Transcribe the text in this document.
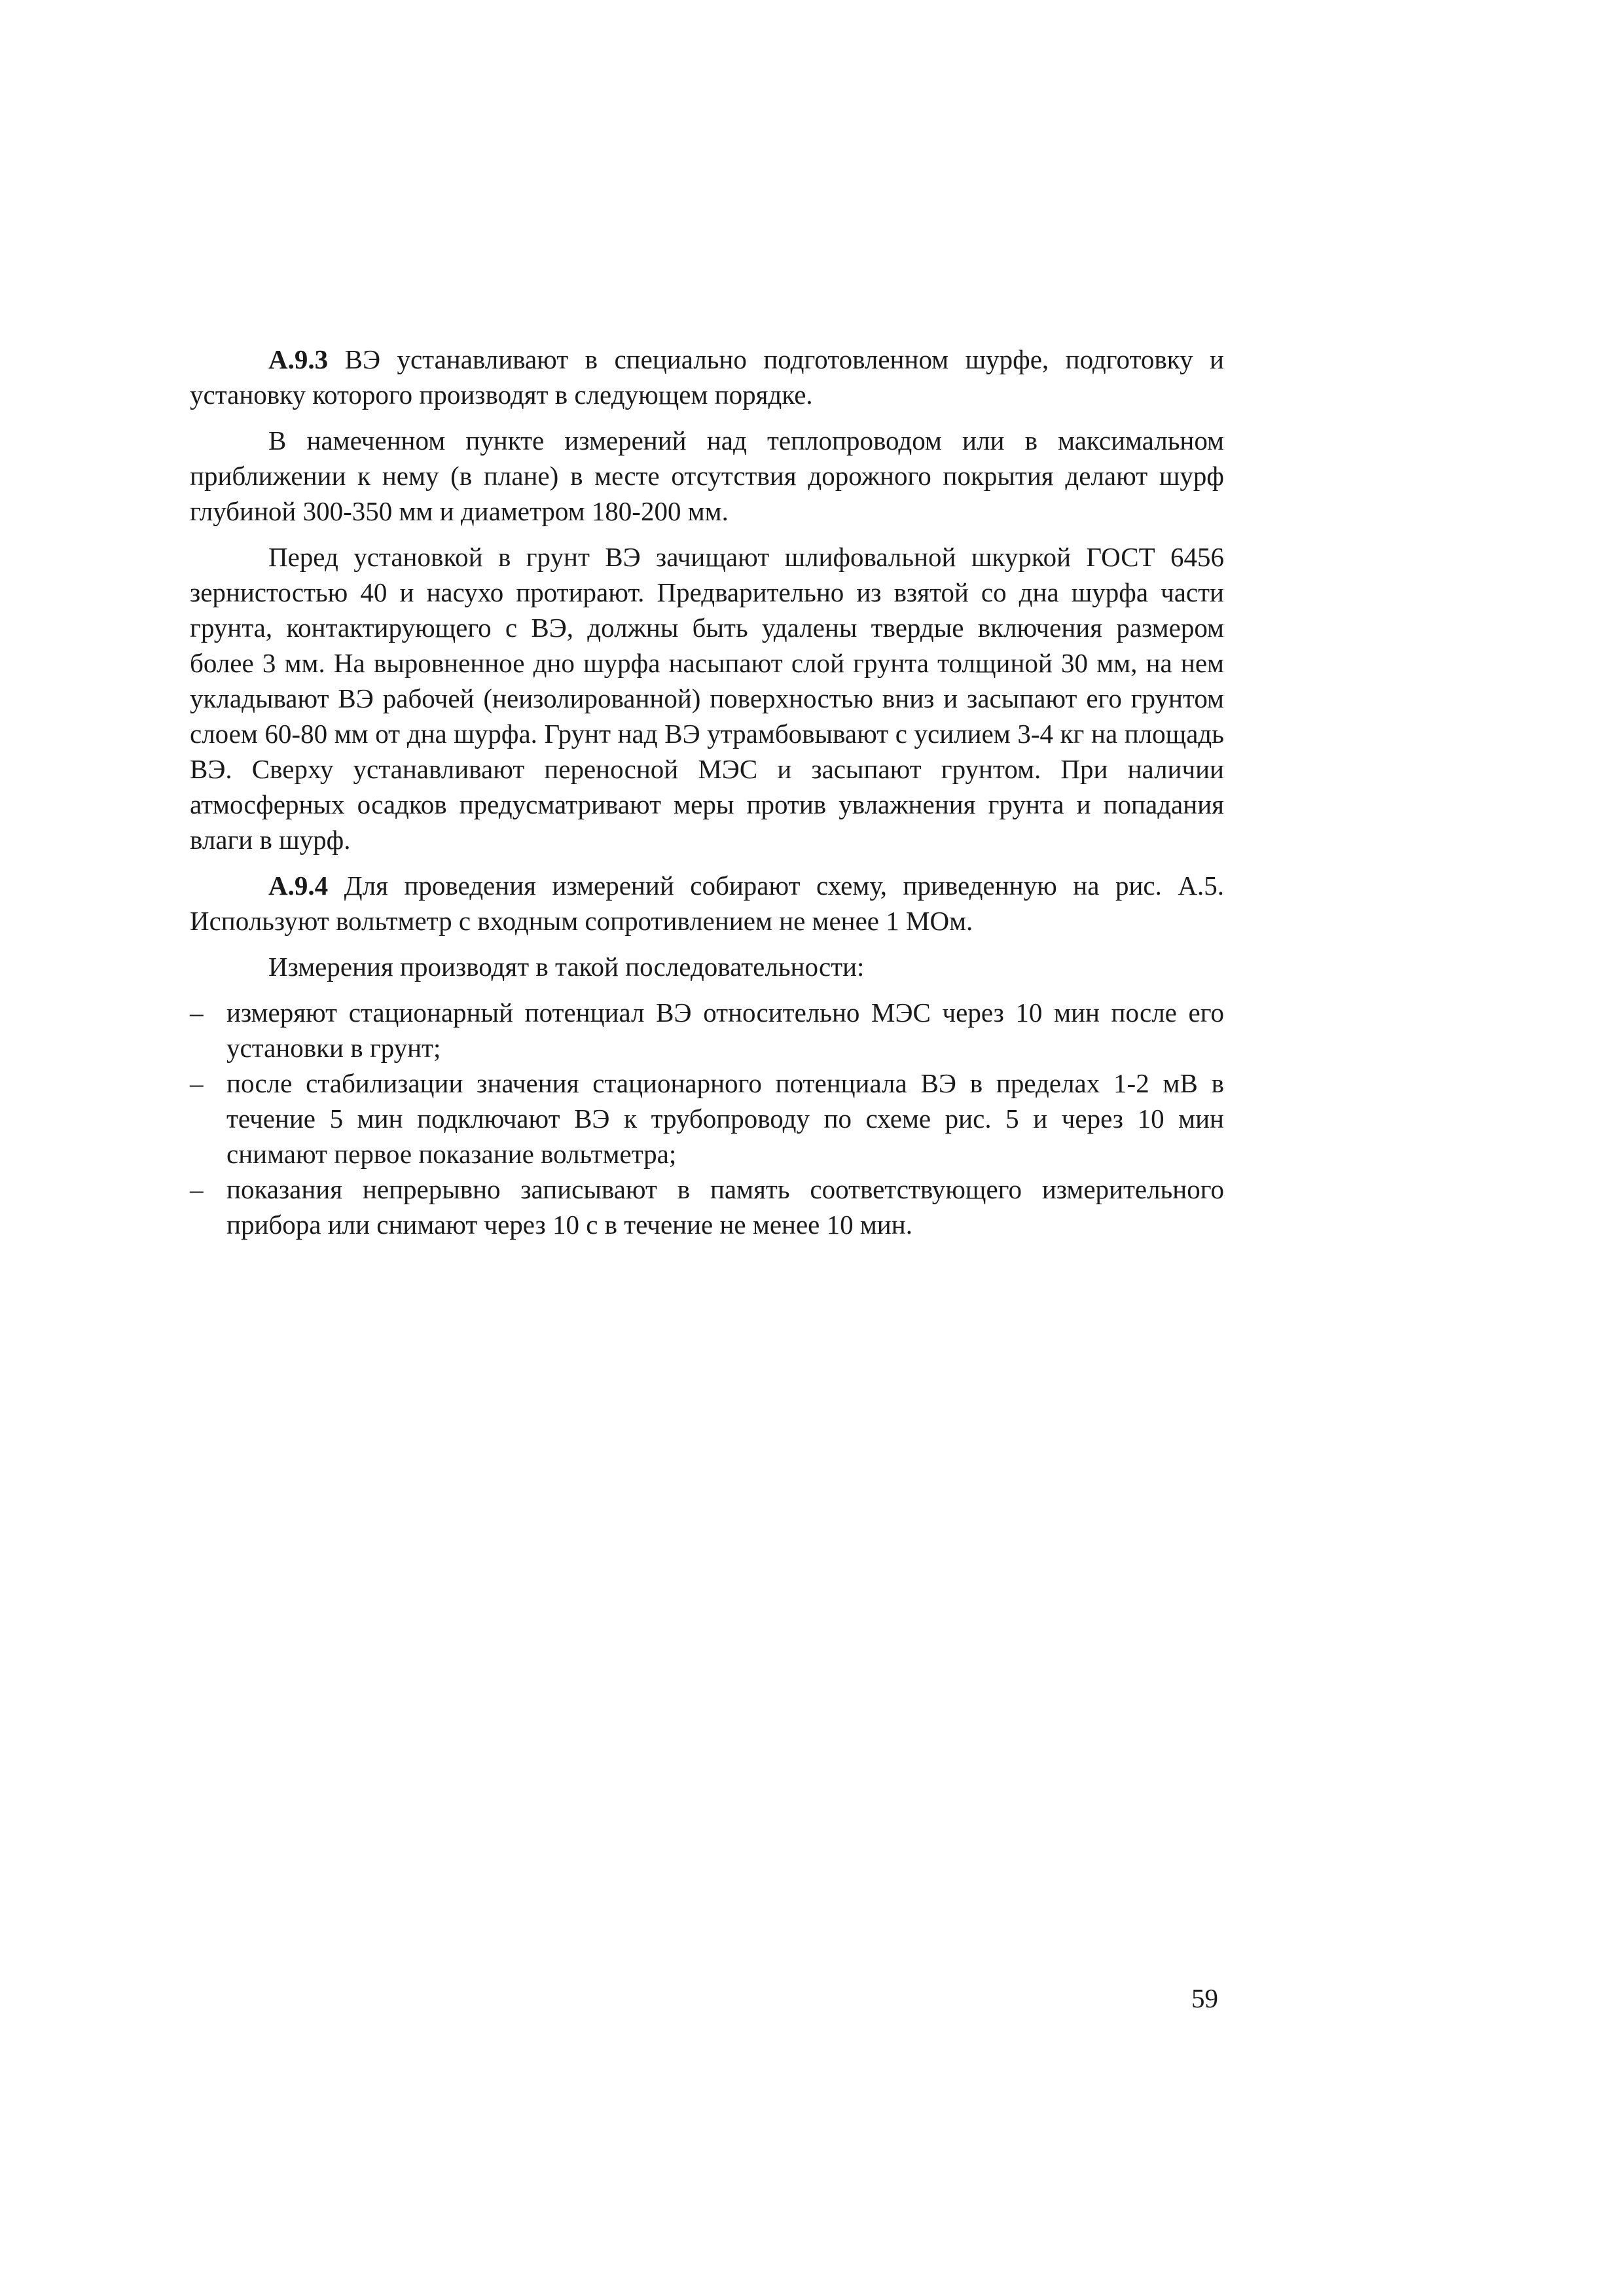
А.9.3 ВЭ устанавливают в специально подготовленном шурфе, подготовку и установку которого производят в следующем порядке.

В намеченном пункте измерений над теплопроводом или в максимальном приближении к нему (в плане) в месте отсутствия дорожного покрытия делают шурф глубиной 300-350 мм и диаметром 180-200 мм.

Перед установкой в грунт ВЭ зачищают шлифовальной шкуркой ГОСТ 6456 зернистостью 40 и насухо протирают. Предварительно из взятой со дна шурфа части грунта, контактирующего с ВЭ, должны быть удалены твердые включения размером более 3 мм. На выровненное дно шурфа насыпают слой грунта толщиной 30 мм, на нем укладывают ВЭ рабочей (неизолированной) поверхностью вниз и засыпают его грунтом слоем 60-80 мм от дна шурфа. Грунт над ВЭ утрамбовывают с усилием 3-4 кг на площадь ВЭ. Сверху устанавливают переносной МЭС и засыпают грунтом. При наличии атмосферных осадков предусматривают меры против увлажнения грунта и попадания влаги в шурф.

А.9.4 Для проведения измерений собирают схему, приведенную на рис. А.5. Используют вольтметр с входным сопротивлением не менее 1 МОм.

Измерения производят в такой последовательности:

– измеряют стационарный потенциал ВЭ относительно МЭС через 10 мин после его установки в грунт;
– после стабилизации значения стационарного потенциала ВЭ в пределах 1-2 мВ в течение 5 мин подключают ВЭ к трубопроводу по схеме рис. 5 и через 10 мин снимают первое показание вольтметра;
– показания непрерывно записывают в память соответствующего измерительного прибора или снимают через 10 с в течение не менее 10 мин.
59
